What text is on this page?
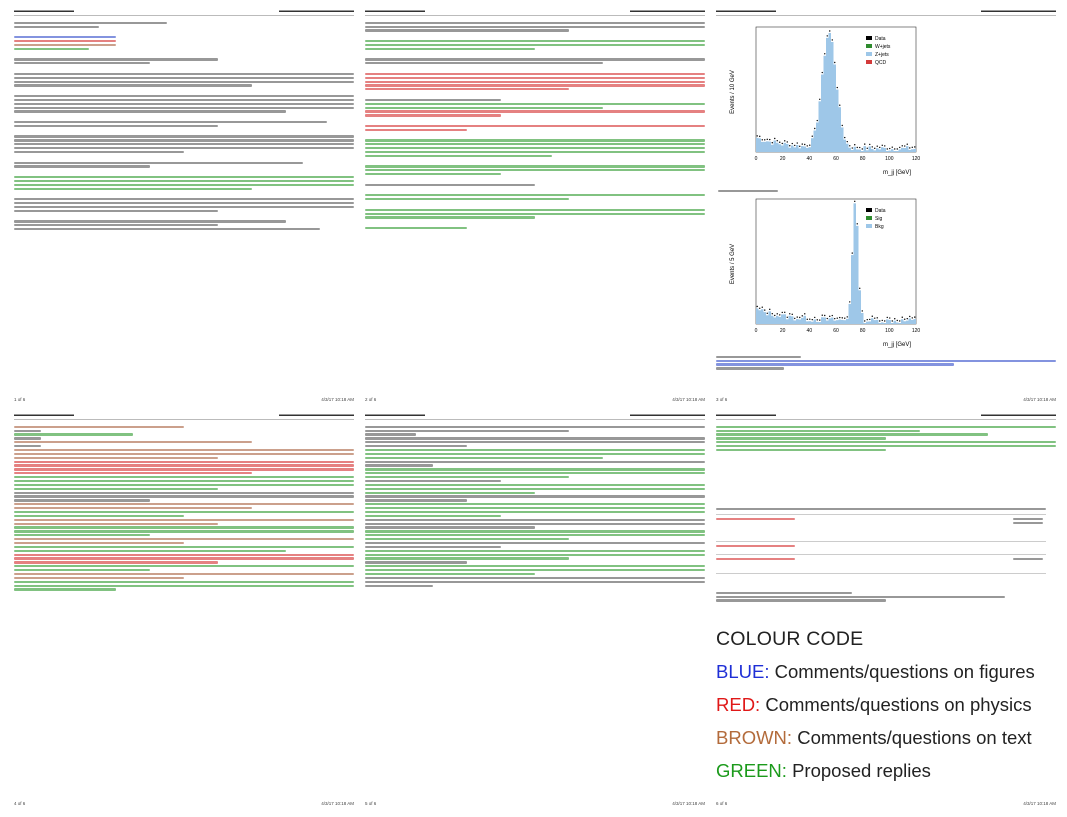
▬▬▬▬▬▬▬▬▬▬▬▬	▬▬▬▬▬▬▬▬▬▬▬▬▬▬▬
1 of 6	4/3/17 10:18 AM
▬▬▬▬▬▬▬▬▬▬▬▬	▬▬▬▬▬▬▬▬▬▬▬▬▬▬▬
2 of 6	4/3/17 10:18 AM
▬▬▬▬▬▬▬▬▬▬▬▬	▬▬▬▬▬▬▬▬▬▬▬▬▬▬▬
Events / 10 GeV
m_jj [GeV]
0	20	40	60	80	100	120
Data
W+jets
Z+jets
QCD
Events / 5 GeV
m_jj [GeV]
0	20	40	60	80	100	120
Data
Sig
Bkg
3 of 6	4/3/17 10:18 AM
▬▬▬▬▬▬▬▬▬▬▬▬	▬▬▬▬▬▬▬▬▬▬▬▬▬▬▬
4 of 6	4/3/17 10:18 AM
▬▬▬▬▬▬▬▬▬▬▬▬	▬▬▬▬▬▬▬▬▬▬▬▬▬▬▬
5 of 6	4/3/17 10:18 AM
▬▬▬▬▬▬▬▬▬▬▬▬	▬▬▬▬▬▬▬▬▬▬▬▬▬▬▬
6 of 6	4/3/17 10:18 AM
COLOUR CODE
BLUE: Comments/questions on figures
RED: Comments/questions on physics
BROWN: Comments/questions on text
GREEN: Proposed replies
